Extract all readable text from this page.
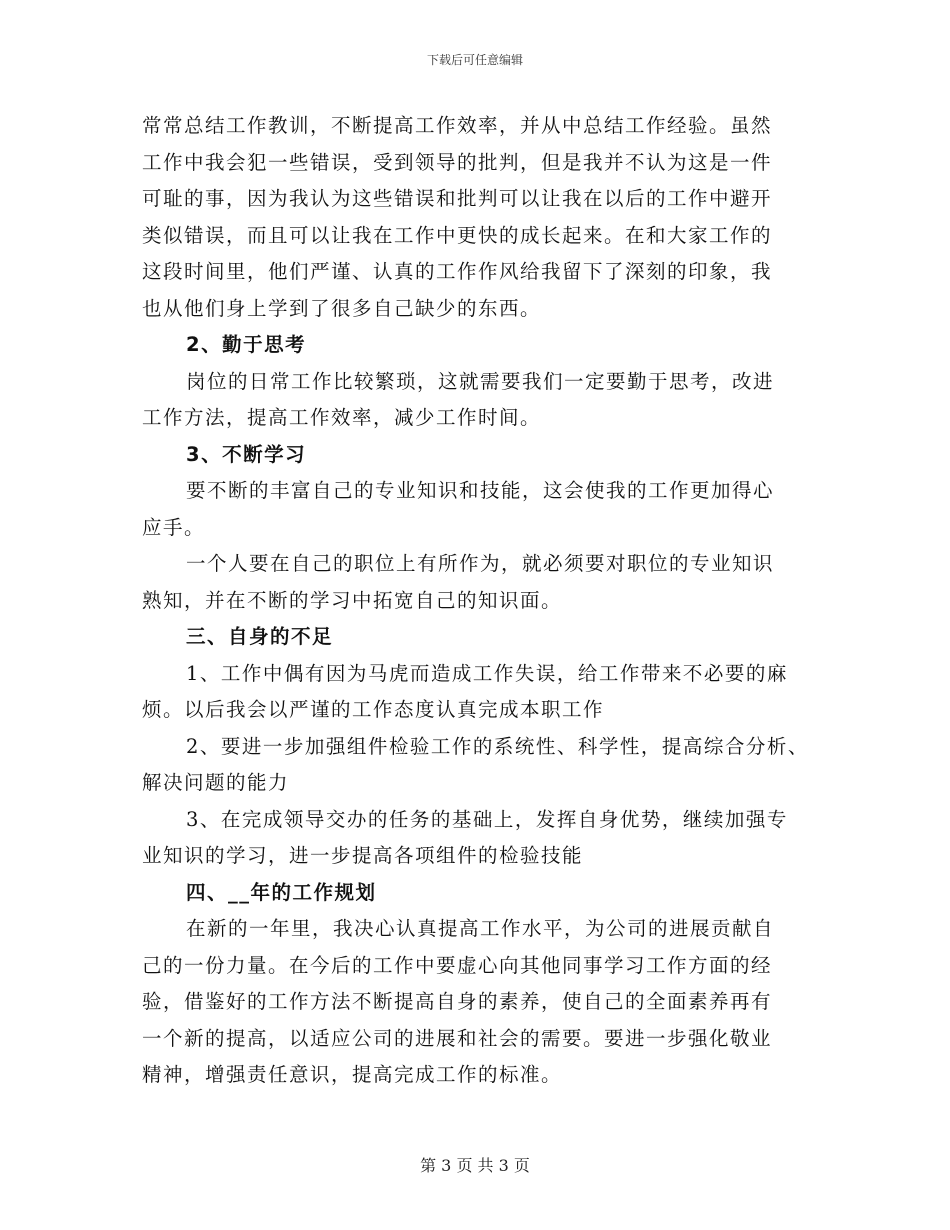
下载后可任意编辑
常常总结工作教训，不断提高工作效率，并从中总结工作经验。虽然
工作中我会犯一些错误，受到领导的批判，但是我并不认为这是一件
可耻的事，因为我认为这些错误和批判可以让我在以后的工作中避开
类似错误，而且可以让我在工作中更快的成长起来。在和大家工作的
这段时间里，他们严谨、认真的工作作风给我留下了深刻的印象，我
也从他们身上学到了很多自己缺少的东西。
2、勤于思考
岗位的日常工作比较繁琐，这就需要我们一定要勤于思考，改进
工作方法，提高工作效率，减少工作时间。
3、不断学习
要不断的丰富自己的专业知识和技能，这会使我的工作更加得心
应手。
一个人要在自己的职位上有所作为，就必须要对职位的专业知识
熟知，并在不断的学习中拓宽自己的知识面。
三、自身的不足
1、工作中偶有因为马虎而造成工作失误，给工作带来不必要的麻
烦。以后我会以严谨的工作态度认真完成本职工作
2、要进一步加强组件检验工作的系统性、科学性，提高综合分析、
解决问题的能力
3、在完成领导交办的任务的基础上，发挥自身优势，继续加强专
业知识的学习，进一步提高各项组件的检验技能
四、__年的工作规划
在新的一年里，我决心认真提高工作水平，为公司的进展贡献自
己的一份力量。在今后的工作中要虚心向其他同事学习工作方面的经
验，借鉴好的工作方法不断提高自身的素养，使自己的全面素养再有
一个新的提高，以适应公司的进展和社会的需要。要进一步强化敬业
精神，增强责任意识，提高完成工作的标准。
第 3 页 共 3 页
